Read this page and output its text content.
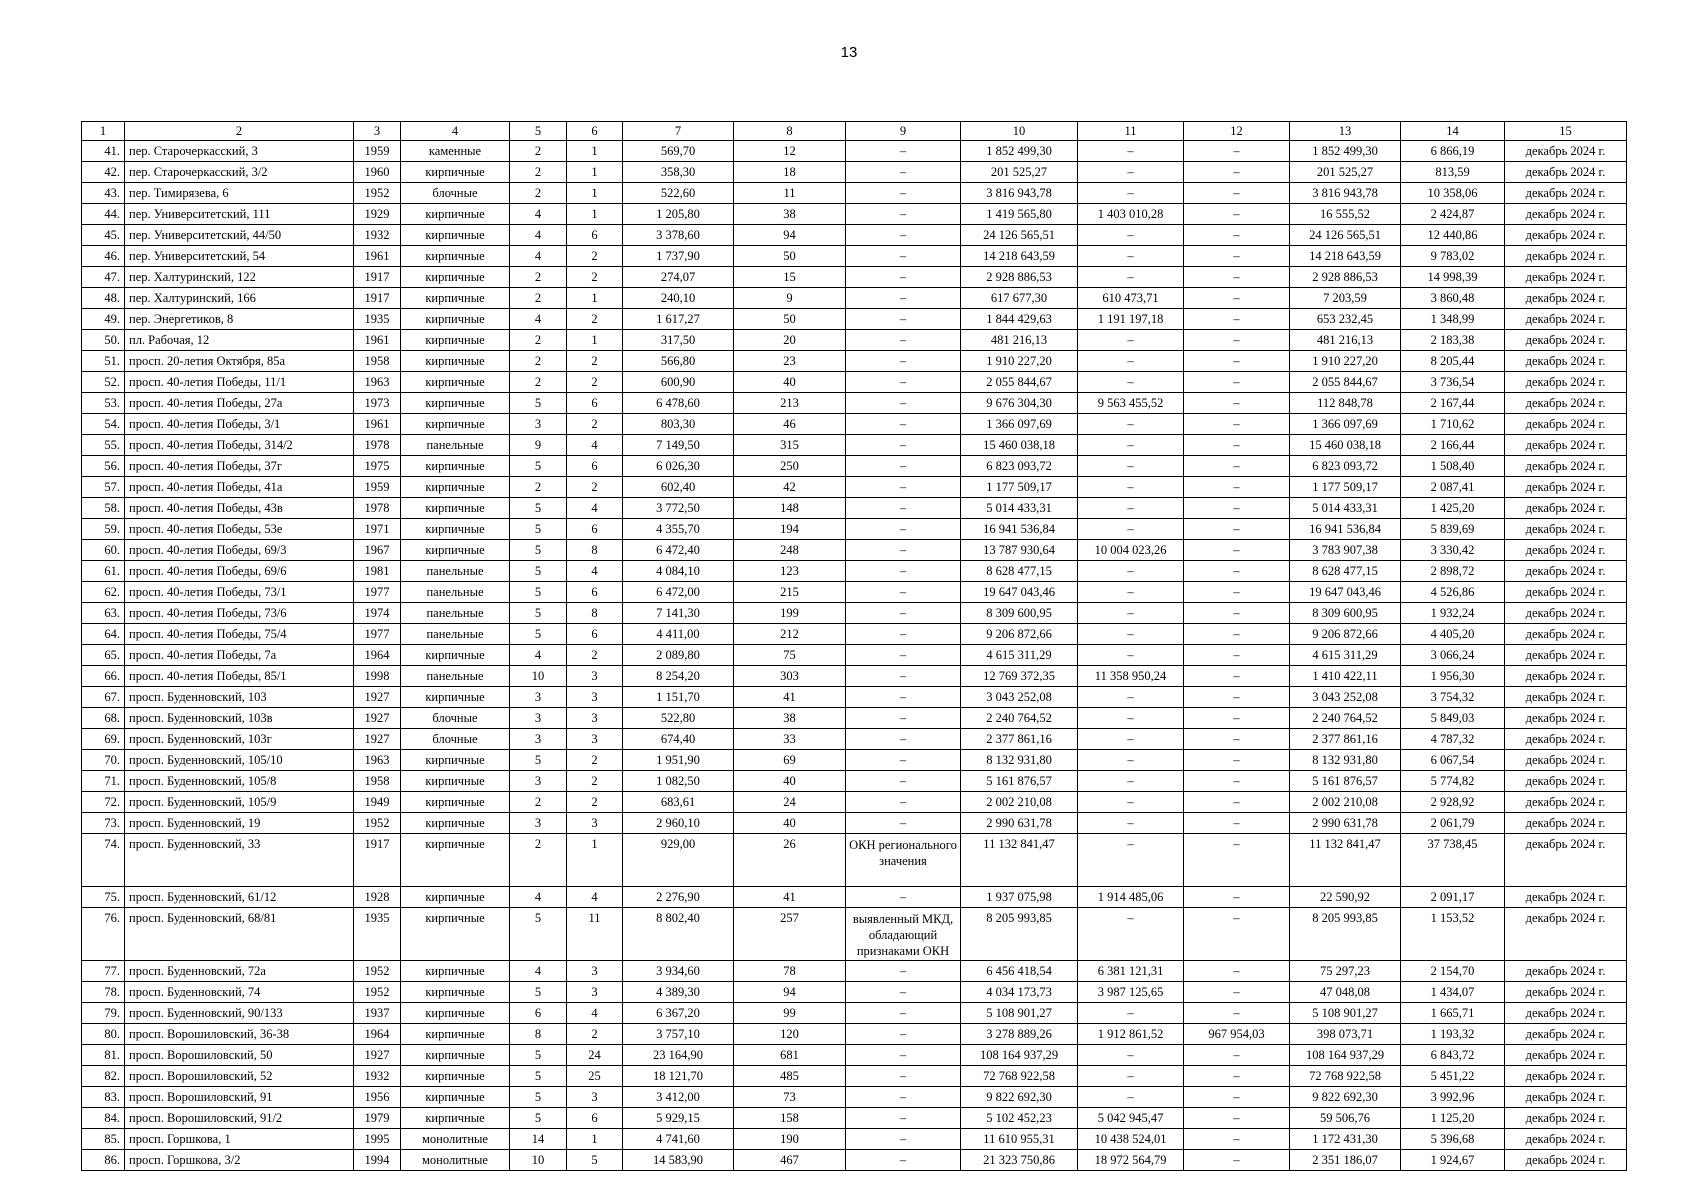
13
1	2	3	4	5	6	7	8	9	10	11	12	13	14	15
41.	пер. Старочеркасский, 3	1959	каменные	2	1	569,70	12	–	1 852 499,30	–	–	1 852 499,30	6 866,19	декабрь 2024 г.
42.	пер. Старочеркасский, 3/2	1960	кирпичные	2	1	358,30	18	–	201 525,27	–	–	201 525,27	813,59	декабрь 2024 г.
43.	пер. Тимирязева, 6	1952	блочные	2	1	522,60	11	–	3 816 943,78	–	–	3 816 943,78	10 358,06	декабрь 2024 г.
44.	пер. Университетский, 111	1929	кирпичные	4	1	1 205,80	38	–	1 419 565,80	1 403 010,28	–	16 555,52	2 424,87	декабрь 2024 г.
45.	пер. Университетский, 44/50	1932	кирпичные	4	6	3 378,60	94	–	24 126 565,51	–	–	24 126 565,51	12 440,86	декабрь 2024 г.
46.	пер. Университетский, 54	1961	кирпичные	4	2	1 737,90	50	–	14 218 643,59	–	–	14 218 643,59	9 783,02	декабрь 2024 г.
47.	пер. Халтуринский, 122	1917	кирпичные	2	2	274,07	15	–	2 928 886,53	–	–	2 928 886,53	14 998,39	декабрь 2024 г.
48.	пер. Халтуринский, 166	1917	кирпичные	2	1	240,10	9	–	617 677,30	610 473,71	–	7 203,59	3 860,48	декабрь 2024 г.
49.	пер. Энергетиков, 8	1935	кирпичные	4	2	1 617,27	50	–	1 844 429,63	1 191 197,18	–	653 232,45	1 348,99	декабрь 2024 г.
50.	пл. Рабочая, 12	1961	кирпичные	2	1	317,50	20	–	481 216,13	–	–	481 216,13	2 183,38	декабрь 2024 г.
51.	просп. 20-летия Октября, 85а	1958	кирпичные	2	2	566,80	23	–	1 910 227,20	–	–	1 910 227,20	8 205,44	декабрь 2024 г.
52.	просп. 40-летия Победы, 11/1	1963	кирпичные	2	2	600,90	40	–	2 055 844,67	–	–	2 055 844,67	3 736,54	декабрь 2024 г.
53.	просп. 40-летия Победы, 27а	1973	кирпичные	5	6	6 478,60	213	–	9 676 304,30	9 563 455,52	–	112 848,78	2 167,44	декабрь 2024 г.
54.	просп. 40-летия Победы, 3/1	1961	кирпичные	3	2	803,30	46	–	1 366 097,69	–	–	1 366 097,69	1 710,62	декабрь 2024 г.
55.	просп. 40-летия Победы, 314/2	1978	панельные	9	4	7 149,50	315	–	15 460 038,18	–	–	15 460 038,18	2 166,44	декабрь 2024 г.
56.	просп. 40-летия Победы, 37г	1975	кирпичные	5	6	6 026,30	250	–	6 823 093,72	–	–	6 823 093,72	1 508,40	декабрь 2024 г.
57.	просп. 40-летия Победы, 41а	1959	кирпичные	2	2	602,40	42	–	1 177 509,17	–	–	1 177 509,17	2 087,41	декабрь 2024 г.
58.	просп. 40-летия Победы, 43в	1978	кирпичные	5	4	3 772,50	148	–	5 014 433,31	–	–	5 014 433,31	1 425,20	декабрь 2024 г.
59.	просп. 40-летия Победы, 53е	1971	кирпичные	5	6	4 355,70	194	–	16 941 536,84	–	–	16 941 536,84	5 839,69	декабрь 2024 г.
60.	просп. 40-летия Победы, 69/3	1967	кирпичные	5	8	6 472,40	248	–	13 787 930,64	10 004 023,26	–	3 783 907,38	3 330,42	декабрь 2024 г.
61.	просп. 40-летия Победы, 69/6	1981	панельные	5	4	4 084,10	123	–	8 628 477,15	–	–	8 628 477,15	2 898,72	декабрь 2024 г.
62.	просп. 40-летия Победы, 73/1	1977	панельные	5	6	6 472,00	215	–	19 647 043,46	–	–	19 647 043,46	4 526,86	декабрь 2024 г.
63.	просп. 40-летия Победы, 73/6	1974	панельные	5	8	7 141,30	199	–	8 309 600,95	–	–	8 309 600,95	1 932,24	декабрь 2024 г.
64.	просп. 40-летия Победы, 75/4	1977	панельные	5	6	4 411,00	212	–	9 206 872,66	–	–	9 206 872,66	4 405,20	декабрь 2024 г.
65.	просп. 40-летия Победы, 7а	1964	кирпичные	4	2	2 089,80	75	–	4 615 311,29	–	–	4 615 311,29	3 066,24	декабрь 2024 г.
66.	просп. 40-летия Победы, 85/1	1998	панельные	10	3	8 254,20	303	–	12 769 372,35	11 358 950,24	–	1 410 422,11	1 956,30	декабрь 2024 г.
67.	просп. Буденновский, 103	1927	кирпичные	3	3	1 151,70	41	–	3 043 252,08	–	–	3 043 252,08	3 754,32	декабрь 2024 г.
68.	просп. Буденновский, 103в	1927	блочные	3	3	522,80	38	–	2 240 764,52	–	–	2 240 764,52	5 849,03	декабрь 2024 г.
69.	просп. Буденновский, 103г	1927	блочные	3	3	674,40	33	–	2 377 861,16	–	–	2 377 861,16	4 787,32	декабрь 2024 г.
70.	просп. Буденновский, 105/10	1963	кирпичные	5	2	1 951,90	69	–	8 132 931,80	–	–	8 132 931,80	6 067,54	декабрь 2024 г.
71.	просп. Буденновский, 105/8	1958	кирпичные	3	2	1 082,50	40	–	5 161 876,57	–	–	5 161 876,57	5 774,82	декабрь 2024 г.
72.	просп. Буденновский, 105/9	1949	кирпичные	2	2	683,61	24	–	2 002 210,08	–	–	2 002 210,08	2 928,92	декабрь 2024 г.
73.	просп. Буденновский, 19	1952	кирпичные	3	3	2 960,10	40	–	2 990 631,78	–	–	2 990 631,78	2 061,79	декабрь 2024 г.
74.	просп. Буденновский, 33	1917	кирпичные	2	1	929,00	26	ОКН регионального значения	11 132 841,47	–	–	11 132 841,47	37 738,45	декабрь 2024 г.
75.	просп. Буденновский, 61/12	1928	кирпичные	4	4	2 276,90	41	–	1 937 075,98	1 914 485,06	–	22 590,92	2 091,17	декабрь 2024 г.
76.	просп. Буденновский, 68/81	1935	кирпичные	5	11	8 802,40	257	выявленный МКД, обладающий признаками ОКН	8 205 993,85	–	–	8 205 993,85	1 153,52	декабрь 2024 г.
77.	просп. Буденновский, 72а	1952	кирпичные	4	3	3 934,60	78	–	6 456 418,54	6 381 121,31	–	75 297,23	2 154,70	декабрь 2024 г.
78.	просп. Буденновский, 74	1952	кирпичные	5	3	4 389,30	94	–	4 034 173,73	3 987 125,65	–	47 048,08	1 434,07	декабрь 2024 г.
79.	просп. Буденновский, 90/133	1937	кирпичные	6	4	6 367,20	99	–	5 108 901,27	–	–	5 108 901,27	1 665,71	декабрь 2024 г.
80.	просп. Ворошиловский, 36-38	1964	кирпичные	8	2	3 757,10	120	–	3 278 889,26	1 912 861,52	967 954,03	398 073,71	1 193,32	декабрь 2024 г.
81.	просп. Ворошиловский, 50	1927	кирпичные	5	24	23 164,90	681	–	108 164 937,29	–	–	108 164 937,29	6 843,72	декабрь 2024 г.
82.	просп. Ворошиловский, 52	1932	кирпичные	5	25	18 121,70	485	–	72 768 922,58	–	–	72 768 922,58	5 451,22	декабрь 2024 г.
83.	просп. Ворошиловский, 91	1956	кирпичные	5	3	3 412,00	73	–	9 822 692,30	–	–	9 822 692,30	3 992,96	декабрь 2024 г.
84.	просп. Ворошиловский, 91/2	1979	кирпичные	5	6	5 929,15	158	–	5 102 452,23	5 042 945,47	–	59 506,76	1 125,20	декабрь 2024 г.
85.	просп. Горшкова, 1	1995	монолитные	14	1	4 741,60	190	–	11 610 955,31	10 438 524,01	–	1 172 431,30	5 396,68	декабрь 2024 г.
86.	просп. Горшкова, 3/2	1994	монолитные	10	5	14 583,90	467	–	21 323 750,86	18 972 564,79	–	2 351 186,07	1 924,67	декабрь 2024 г.
